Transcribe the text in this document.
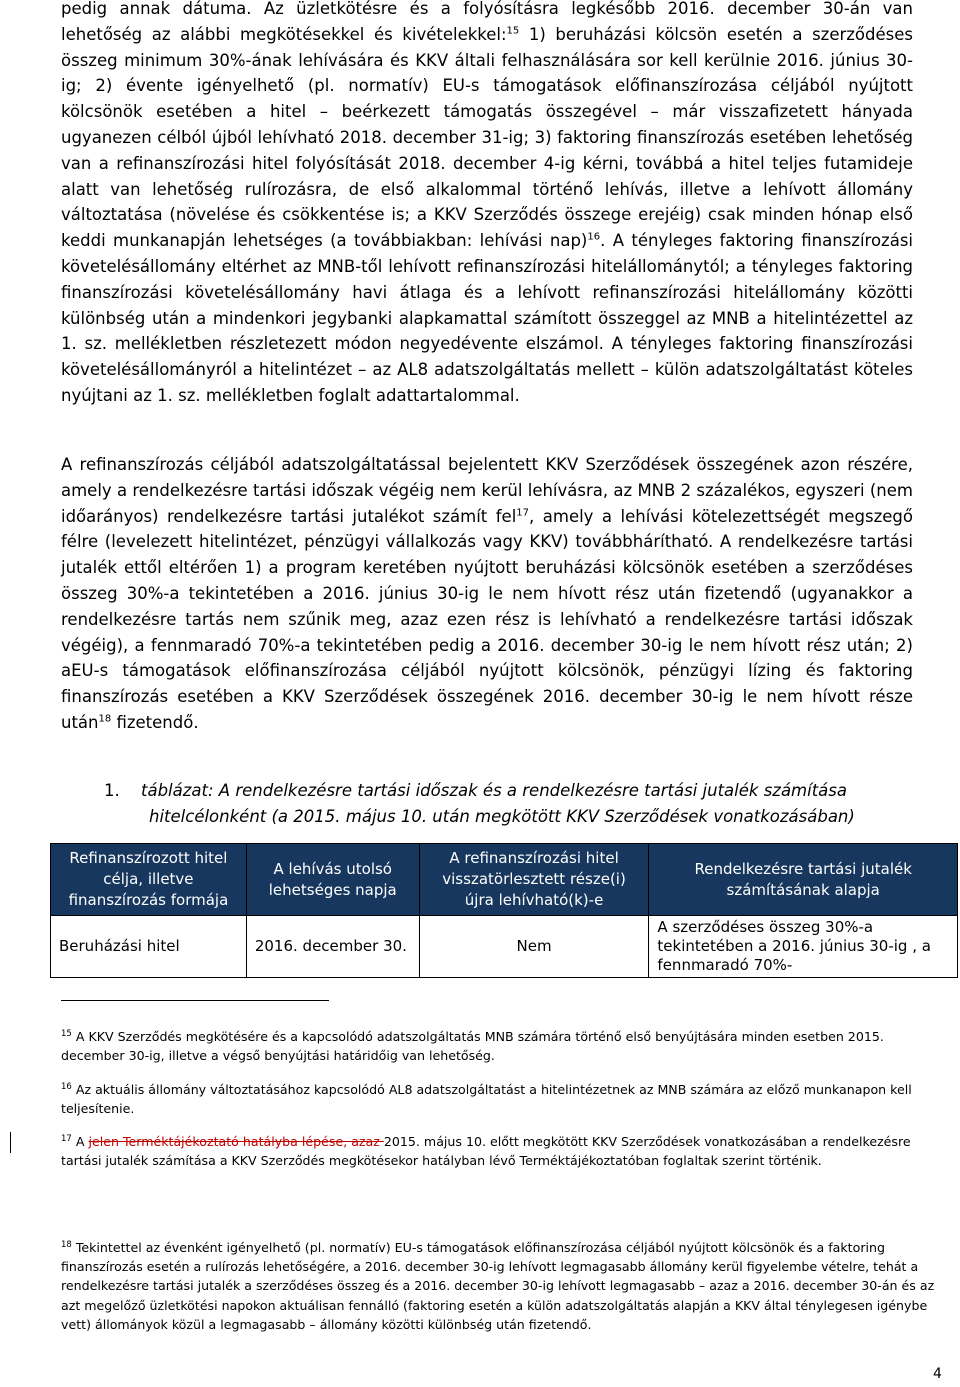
pedig annak dátuma. Az üzletkötésre és a folyósításra legkésőbb 2016. december 30-án van lehetőség az alábbi megkötésekkel és kivételekkel:$^{15}$ 1) beruházási kölcsön esetén a szerződéses összeg minimum 30%-ának lehívására és KKV általi felhasználására sor kell kerülnie 2016. június 30-ig; 2) évente igényelhető (pl. normatív) EU-s támogatások előfinanszírozása céljából nyújtott kölcsönök esetében a hitel – beérkezett támogatás összegével – már visszafizetett hányada ugyanezen célból újból lehívható 2018. december 31-ig; 3) faktoring finanszírozás esetében lehetőség van a refinanszírozási hitel folyósítását 2018. december 4-ig kérni, továbbá a hitel teljes futamideje alatt van lehetőség rulírozásra, de első alkalommal történő lehívás, illetve a lehívott állomány változtatása (növelése és csökkentése is; a KKV Szerződés összege erejéig) csak minden hónap első keddi munkanapján lehetséges (a továbbiakban: lehívási nap)$^{16}$. A tényleges faktoring finanszírozási követelésállomány eltérhet az MNB-től lehívott refinanszírozási hitelállománytól; a tényleges faktoring finanszírozási követelésállomány havi átlaga és a lehívott refinanszírozási hitelállomány közötti különbség után a mindenkori jegybanki alapkamattal számított összeggel az MNB a hitelintézettel az 1. sz. mellékletben részletezett módon negyedévente elszámol. A tényleges faktoring finanszírozási követelésállományról a hitelintézet – az AL8 adatszolgáltatás mellett – külön adatszolgáltatást köteles nyújtani az 1. sz. mellékletben foglalt adattartalommal.

A refinanszírozás céljából adatszolgáltatással bejelentett KKV Szerződések összegének azon részére, amely a rendelkezésre tartási időszak végéig nem kerül lehívásra, az MNB 2 százalékos, egyszeri (nem időarányos) rendelkezésre tartási jutalékot számít fel$^{17}$, amely a lehívási kötelezettségét megszegő félre (levelezett hitelintézet, pénzügyi vállalkozás vagy KKV) továbbhárítható. A rendelkezésre tartási jutalék ettől eltérően 1) a program keretében nyújtott beruházási kölcsönök esetében a szerződéses összeg 30%-a tekintetében a 2016. június 30-ig le nem hívott rész után fizetendő (ugyanakkor a rendelkezésre tartás nem szűnik meg, azaz ezen rész is lehívható a rendelkezésre tartási időszak végéig), a fennmaradó 70%-a tekintetében pedig a 2016. december 30-ig le nem hívott rész után; 2) aEU-s támogatások előfinanszírozása céljából nyújtott kölcsönök, pénzügyi lízing és faktoring finanszírozás esetében a KKV Szerződések összegének 2016. december 30-ig le nem hívott része után$^{18}$ fizetendő.

1. táblázat: A rendelkezésre tartási időszak és a rendelkezésre tartási jutalék számítása
hitelcélonként (a 2015. május 10. után megkötött KKV Szerződések vonatkozásában)
Refinanszírozott hitel célja, illetve finanszírozás formája	A lehívás utolsó lehetséges napja	A refinanszírozási hitel visszatörlesztett része(i) újra lehívható(k)-e	Rendelkezésre tartási jutalék számításának alapja
Beruházási hitel	2016. december 30.	Nem	A szerződéses összeg 30%-a tekintetében a 2016. június 30-ig , a fennmaradó 70%-

$^{15}$ A KKV Szerződés megkötésére és a kapcsolódó adatszolgáltatás MNB számára történő első benyújtására minden esetben 2015. december 30-ig, illetve a végső benyújtási határidőig van lehetőség.

$^{16}$ Az aktuális állomány változtatásához kapcsolódó AL8 adatszolgáltatást a hitelintézetnek az MNB számára az előző munkanapon kell teljesítenie.

$^{17}$ A jelen Terméktájékoztató hatályba lépése, azaz 2015. május 10. előtt megkötött KKV Szerződések vonatkozásában a rendelkezésre tartási jutalék számítása a KKV Szerződés megkötésekor hatályban lévő Terméktájékoztatóban foglaltak szerint történik.

$^{18}$ Tekintettel az évenként igényelhető (pl. normatív) EU-s támogatások előfinanszírozása céljából nyújtott kölcsönök és a faktoring finanszírozás esetén a rulírozás lehetőségére, a 2016. december 30-ig lehívott legmagasabb állomány kerül figyelembe vételre, tehát a rendelkezésre tartási jutalék a szerződéses összeg és a 2016. december 30-ig lehívott legmagasabb – azaz a 2016. december 30-án és az azt megelőző üzletkötési napokon aktuálisan fennálló (faktoring esetén a külön adatszolgáltatás alapján a KKV által ténylegesen igénybe vett) állományok közül a legmagasabb – állomány közötti különbség után fizetendő.

4
